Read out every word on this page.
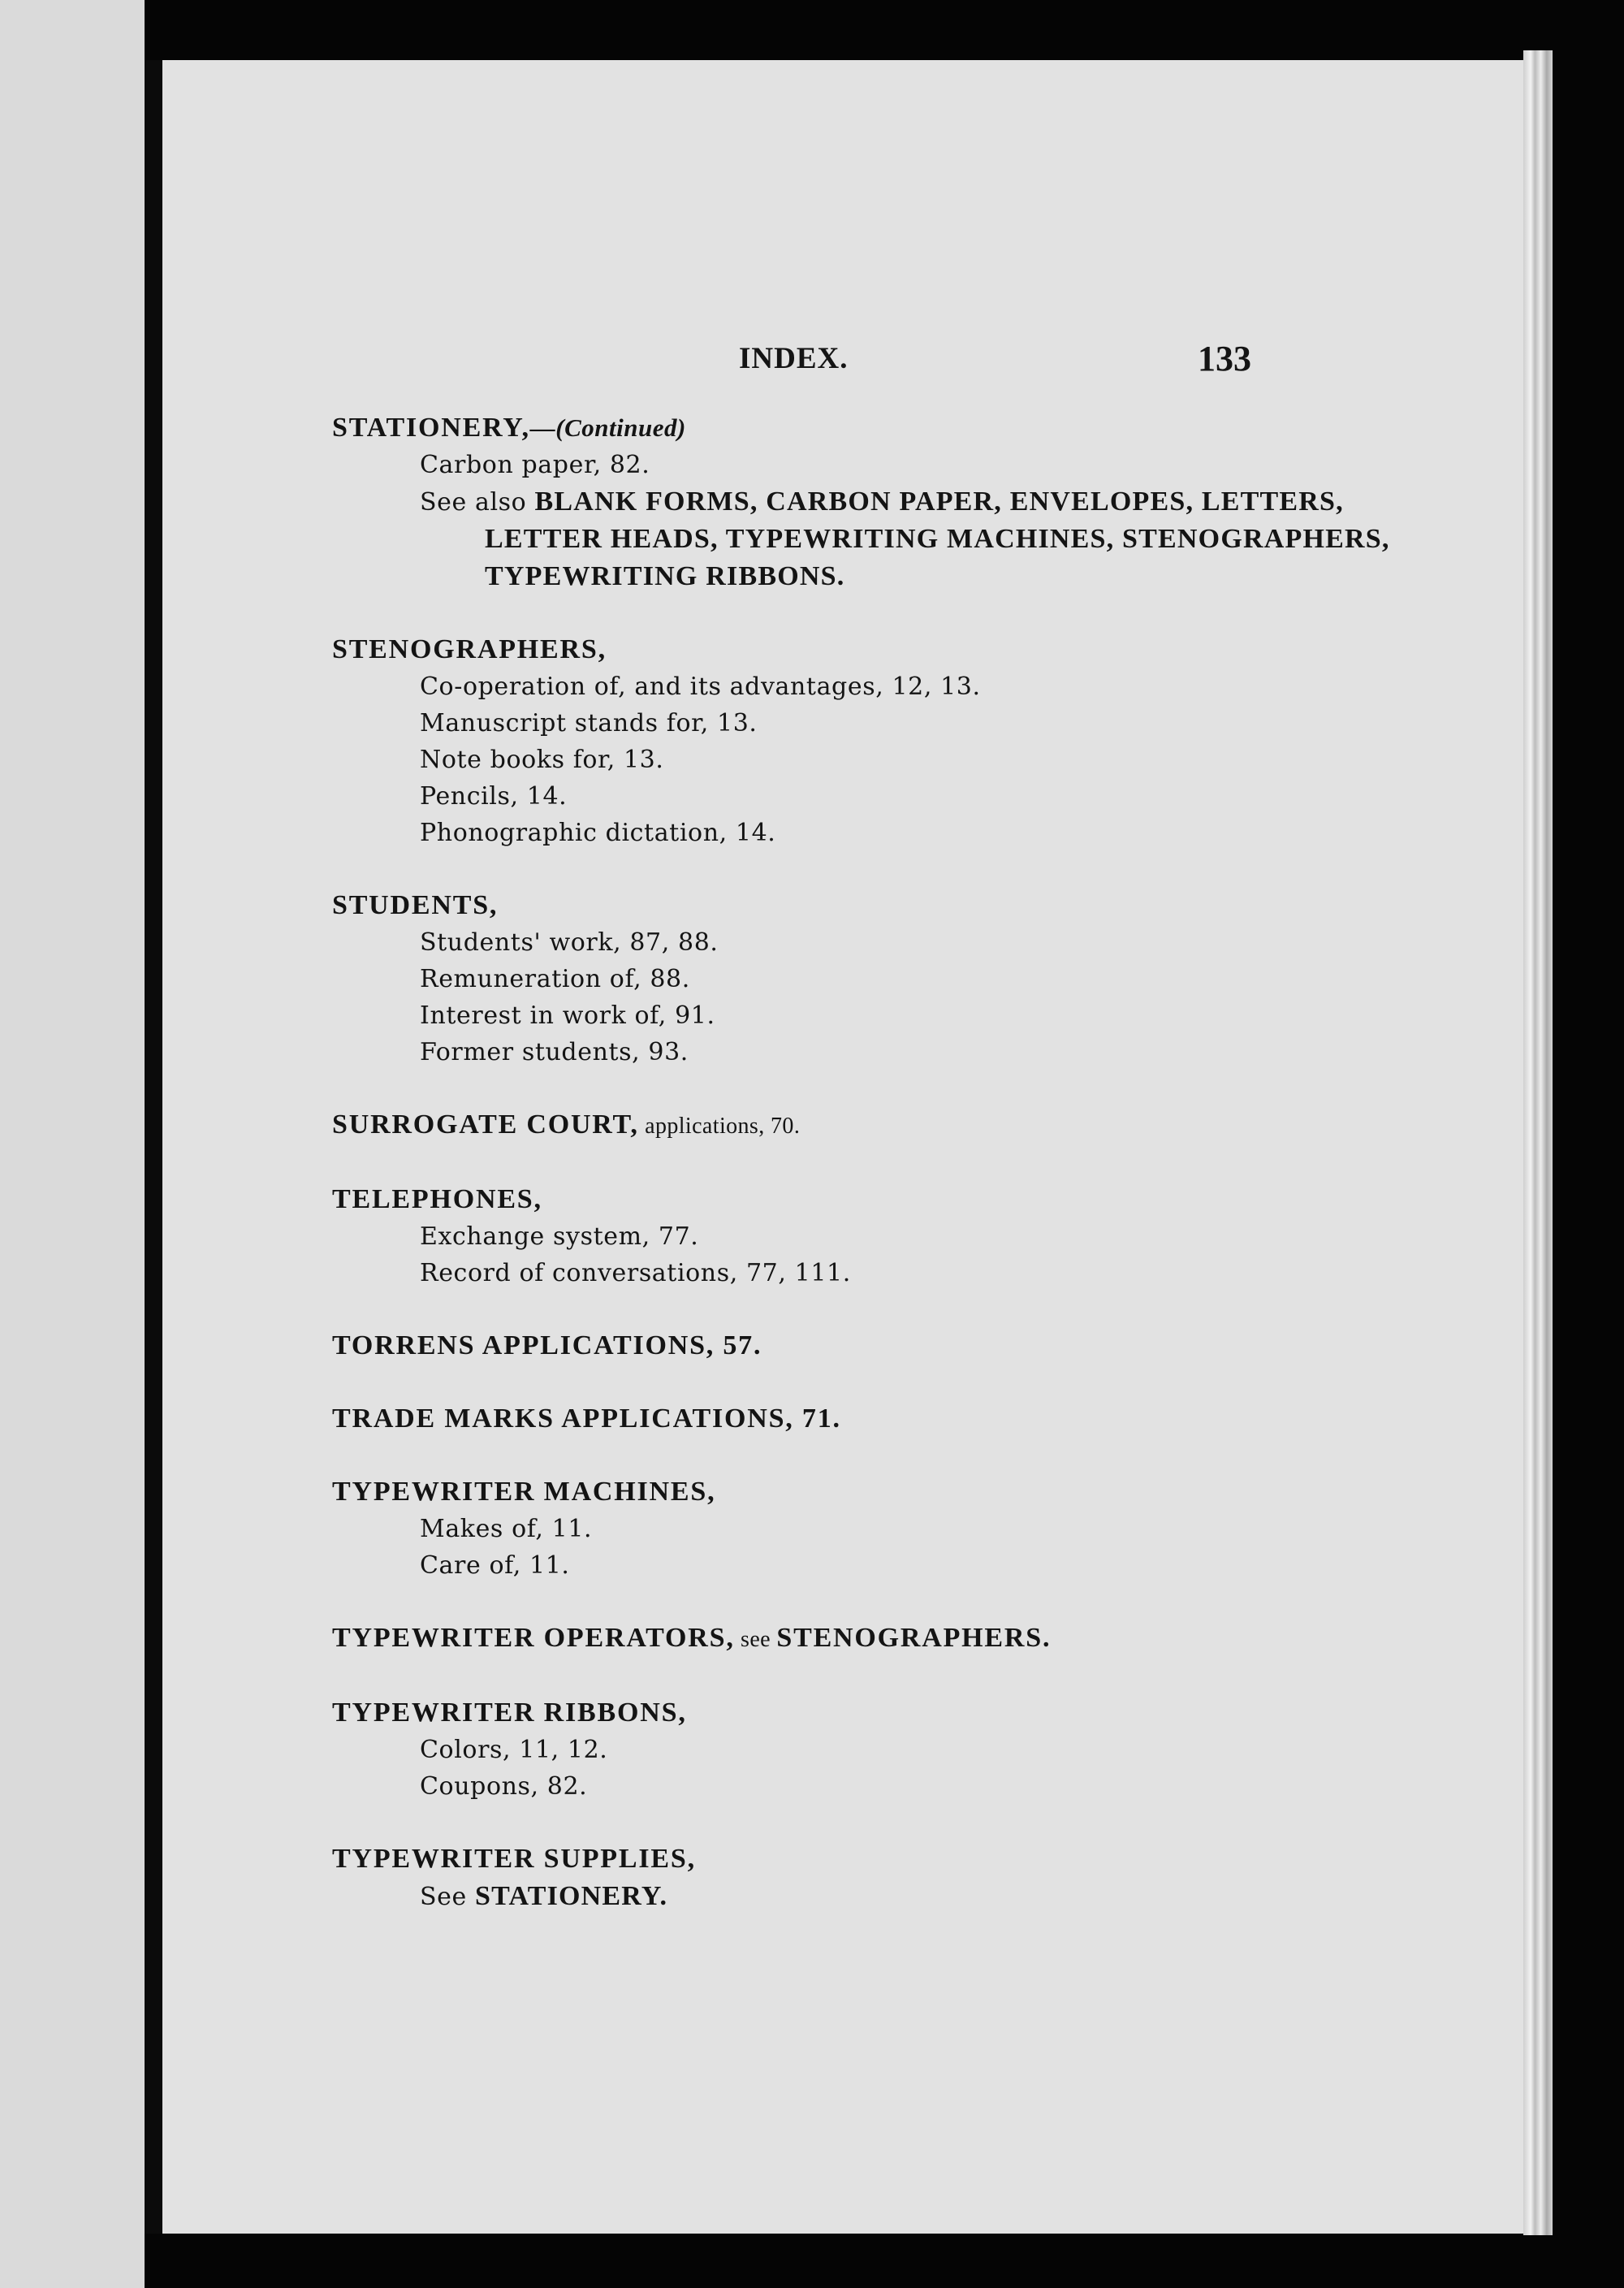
INDEX.	133
STATIONERY,—(Continued)
Carbon paper, 82.
See also BLANK FORMS, CARBON PAPER, ENVELOPES, LETTERS, LETTER HEADS, TYPEWRITING MACHINES, STENOGRAPHERS, TYPEWRITING RIBBONS.
STENOGRAPHERS,
Co-operation of, and its advantages, 12, 13.
Manuscript stands for, 13.
Note books for, 13.
Pencils, 14.
Phonographic dictation, 14.
STUDENTS,
Students' work, 87, 88.
Remuneration of, 88.
Interest in work of, 91.
Former students, 93.
SURROGATE COURT, applications, 70.
TELEPHONES,
Exchange system, 77.
Record of conversations, 77, 111.
TORRENS APPLICATIONS, 57.
TRADE MARKS APPLICATIONS, 71.
TYPEWRITER MACHINES,
Makes of, 11.
Care of, 11.
TYPEWRITER OPERATORS, see STENOGRAPHERS.
TYPEWRITER RIBBONS,
Colors, 11, 12.
Coupons, 82.
TYPEWRITER SUPPLIES,
See STATIONERY.
